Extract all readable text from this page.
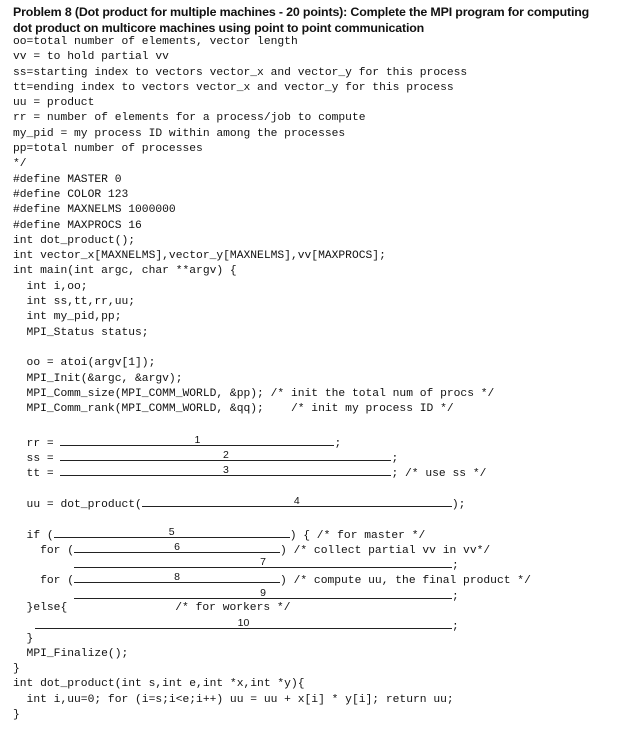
Problem 8 (Dot product for multiple machines - 20 points): Complete the MPI program for computing
dot product on multicore machines using point to point communication
oo=total number of elements, vector length
vv = to hold partial vv
ss=starting index to vectors vector_x and vector_y for this process
tt=ending index to vectors vector_x and vector_y for this process
uu = product
rr = number of elements for a process/job to compute
my_pid = my process ID within among the processes
pp=total number of processes
*/
#define MASTER 0
#define COLOR 123
#define MAXNELMS 1000000
#define MAXPROCS 16
int dot_product();
int vector_x[MAXNELMS],vector_y[MAXNELMS],vv[MAXPROCS];
int main(int argc, char **argv) {
int i,oo;
int ss,tt,rr,uu;
int my_pid,pp;
MPI_Status status;
oo = atoi(argv[1]);
MPI_Init(&argc, &argv);
MPI_Comm_size(MPI_COMM_WORLD, &pp); /* init the total num of procs */
MPI_Comm_rank(MPI_COMM_WORLD, &qq);    /* init my process ID */
rr =	1	;
ss =	2	;
tt =	3	; /* use ss */
uu = dot_product(	4	);
if (	5	) { /* for master */
for (	6	) /* collect partial vv in vv*/
7	;
for (	8	) /* compute uu, the final product */
9	;
}else{	/* for workers */
10	;
}
MPI_Finalize();
}
int dot_product(int s,int e,int *x,int *y){
int i,uu=0; for (i=s;i<e;i++) uu = uu + x[i] * y[i]; return uu;
}
